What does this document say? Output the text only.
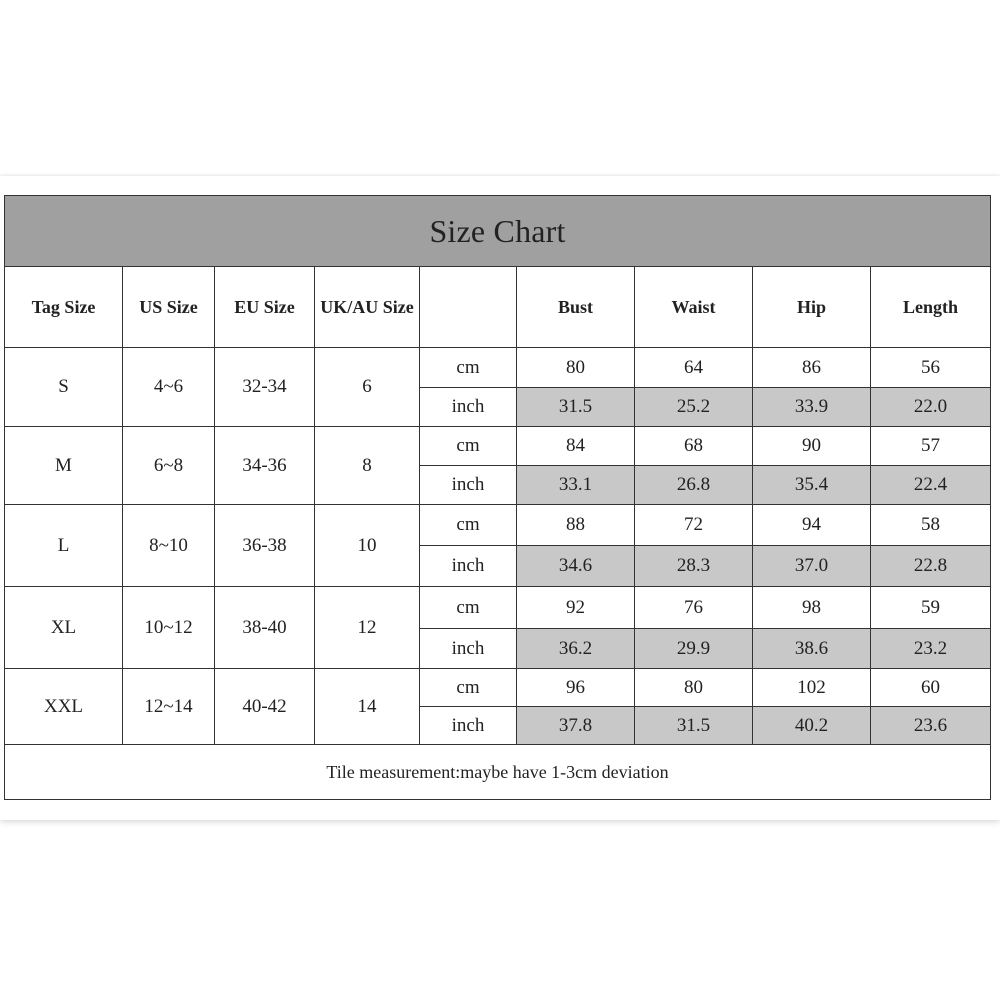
Size Chart								
Tag Size	US Size	EU Size	UK/AU Size		Bust	Waist	Hip	Length
S	4~6	32-34	6	cm	80	64	86	56
				inch	31.5	25.2	33.9	22.0
M	6~8	34-36	8	cm	84	68	90	57
				inch	33.1	26.8	35.4	22.4
L	8~10	36-38	10	cm	88	72	94	58
				inch	34.6	28.3	37.0	22.8
XL	10~12	38-40	12	cm	92	76	98	59
				inch	36.2	29.9	38.6	23.2
XXL	12~14	40-42	14	cm	96	80	102	60
				inch	37.8	31.5	40.2	23.6
Tile measurement:maybe have 1-3cm deviation								
